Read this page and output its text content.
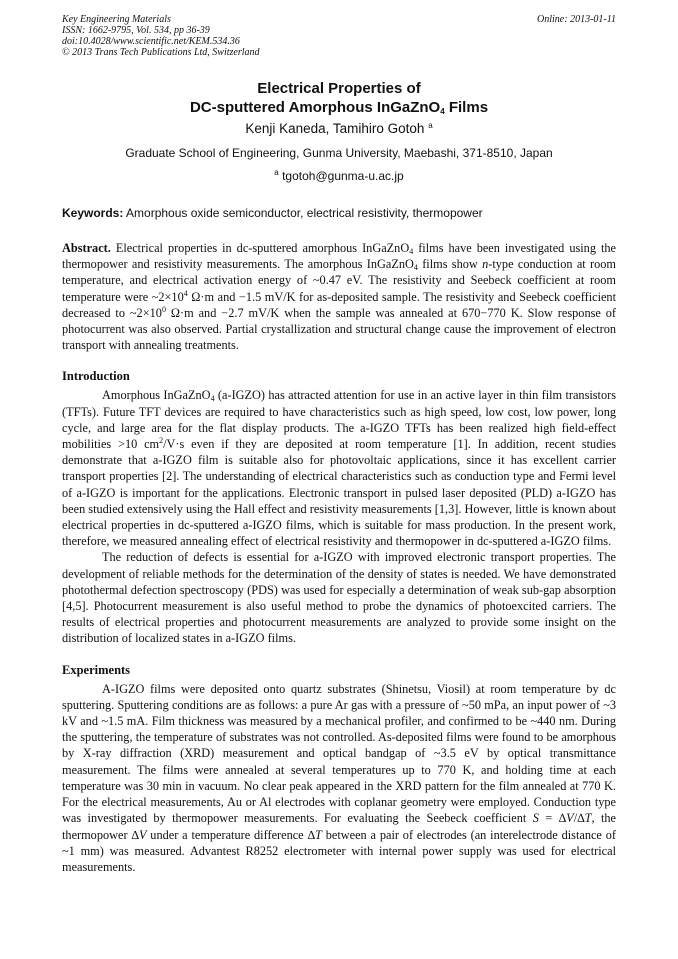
Key Engineering Materials
ISSN: 1662-9795, Vol. 534, pp 36-39
doi:10.4028/www.scientific.net/KEM.534.36
© 2013 Trans Tech Publications Ltd, Switzerland
Online: 2013-01-11
Electrical Properties of
DC-sputtered Amorphous InGaZnO$_4$ Films
Kenji Kaneda, Tamihiro Gotoh $^a$
Graduate School of Engineering, Gunma University, Maebashi, 371-8510, Japan
$^a$ tgotoh@gunma-u.ac.jp
Keywords: Amorphous oxide semiconductor, electrical resistivity, thermopower
Abstract. Electrical properties in dc-sputtered amorphous InGaZnO$_4$ films have been investigated using the thermopower and resistivity measurements. The amorphous InGaZnO$_4$ films show n-type conduction at room temperature, and electrical activation energy of ~0.47 eV. The resistivity and Seebeck coefficient at room temperature were $\sim 2\times 10^4$ Ω·m and −1.5 mV/K for as-deposited sample. The resistivity and Seebeck coefficient decreased to $\sim 2\times 10^0$ Ω·m and −2.7 mV/K when the sample was annealed at 670−770 K. Slow response of photocurrent was also observed. Partial crystallization and structural change cause the improvement of electron transport with annealing treatments.
Introduction

Amorphous InGaZnO$_4$ (a-IGZO) has attracted attention for use in an active layer in thin film transistors (TFTs). Future TFT devices are required to have characteristics such as high speed, low cost, low power, long cycle, and large area for the flat display products. The a-IGZO TFTs has been realized high field-effect mobilities >10 $cm^2/V\cdot s$ even if they are deposited at room temperature [1]. In addition, recent studies demonstrate that a-IGZO film is suitable also for photovoltaic applications, since it has excellent carrier transport properties [2]. The understanding of electrical characteristics such as conduction type and Fermi level of a-IGZO is important for the applications. Electronic transport in pulsed laser deposited (PLD) a-IGZO has been studied extensively using the Hall effect and resistivity measurements [1,3]. However, little is known about electrical properties in dc-sputtered a-IGZO films, which is suitable for mass production. In the present work, therefore, we measured annealing effect of electrical resistivity and thermopower in dc-sputtered a-IGZO films.

The reduction of defects is essential for a-IGZO with improved electronic transport properties. The development of reliable methods for the determination of the density of states is needed. We have demonstrated photothermal defection spectroscopy (PDS) was used for especially a determination of weak sub-gap absorption [4,5]. Photocurrent measurement is also useful method to probe the dynamics of photoexcited carriers. The results of electrical properties and photocurrent measurements are analyzed to provide some insight on the distribution of localized states in a-IGZO films.

Experiments

A-IGZO films were deposited onto quartz substrates (Shinetsu, Viosil) at room temperature by dc sputtering. Sputtering conditions are as follows: a pure Ar gas with a pressure of ~50 mPa, an input power of ~3 kV and ~1.5 mA. Film thickness was measured by a mechanical profiler, and confirmed to be ~440 nm. During the sputtering, the temperature of substrates was not controlled. As-deposited films were found to be amorphous by X-ray diffraction (XRD) measurement and optical bandgap of ~3.5 eV by optical transmittance measurement. The films were annealed at several temperatures up to 770 K, and holding time at each temperature was 30 min in vacuum. No clear peak appeared in the XRD pattern for the film annealed at 770 K. For the electrical measurements, Au or Al electrodes with coplanar geometry were employed. Conduction type was investigated by thermopower measurements. For evaluating the Seebeck coefficient S = ∆V/∆T, the thermopower ∆V under a temperature difference ∆T between a pair of electrodes (an interelectrode distance of ~1 mm) was measured. Advantest R8252 electrometer with internal power supply was used for electrical measurements.
